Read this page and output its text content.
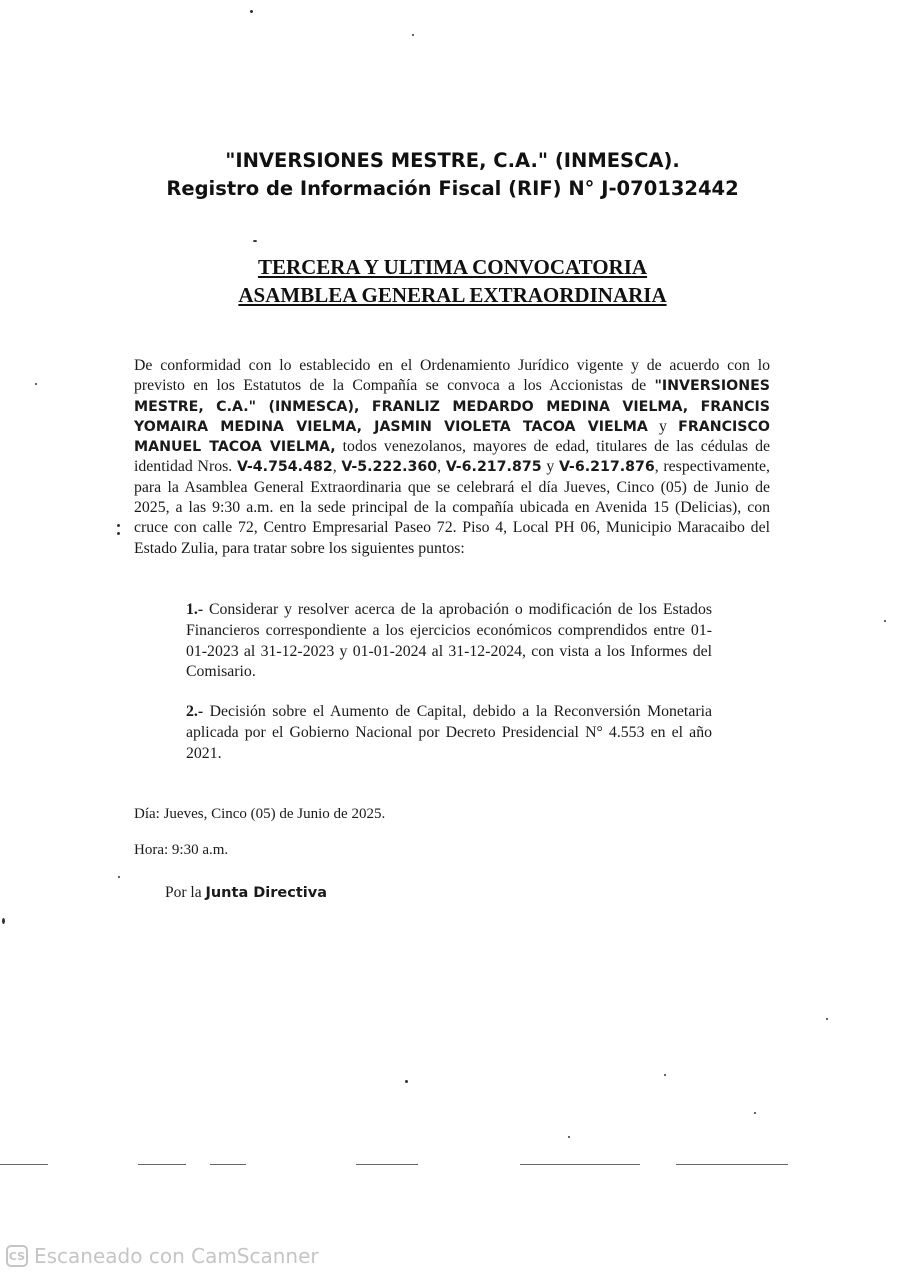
"INVERSIONES MESTRE, C.A." (INMESCA).
Registro de Información Fiscal (RIF) N° J-070132442
TERCERA Y ULTIMA CONVOCATORIA
ASAMBLEA GENERAL EXTRAORDINARIA
De conformidad con lo establecido en el Ordenamiento Jurídico vigente y de acuerdo con lo previsto en los Estatutos de la Compañía se convoca a los Accionistas de "INVERSIONES MESTRE, C.A." (INMESCA), FRANLIZ MEDARDO MEDINA VIELMA, FRANCIS YOMAIRA MEDINA VIELMA, JASMIN VIOLETA TACOA VIELMA y FRANCISCO MANUEL TACOA VIELMA, todos venezolanos, mayores de edad, titulares de las cédulas de identidad Nros. V-4.754.482, V-5.222.360, V-6.217.875 y V-6.217.876, respectivamente, para la Asamblea General Extraordinaria que se celebrará el día Jueves, Cinco (05) de Junio de 2025, a las 9:30 a.m. en la sede principal de la compañía ubicada en Avenida 15 (Delicias), con cruce con calle 72, Centro Empresarial Paseo 72. Piso 4, Local PH 06, Municipio Maracaibo del Estado Zulia, para tratar sobre los siguientes puntos:
1.- Considerar y resolver acerca de la aprobación o modificación de los Estados Financieros correspondiente a los ejercicios económicos comprendidos entre 01-01-2023 al 31-12-2023 y 01-01-2024 al 31-12-2024, con vista a los Informes del Comisario.
2.- Decisión sobre el Aumento de Capital, debido a la Reconversión Monetaria aplicada por el Gobierno Nacional por Decreto Presidencial N° 4.553 en el año 2021.
Día: Jueves, Cinco (05) de Junio de 2025.
Hora: 9:30 a.m.
Por la Junta Directiva
CS Escaneado con CamScanner
